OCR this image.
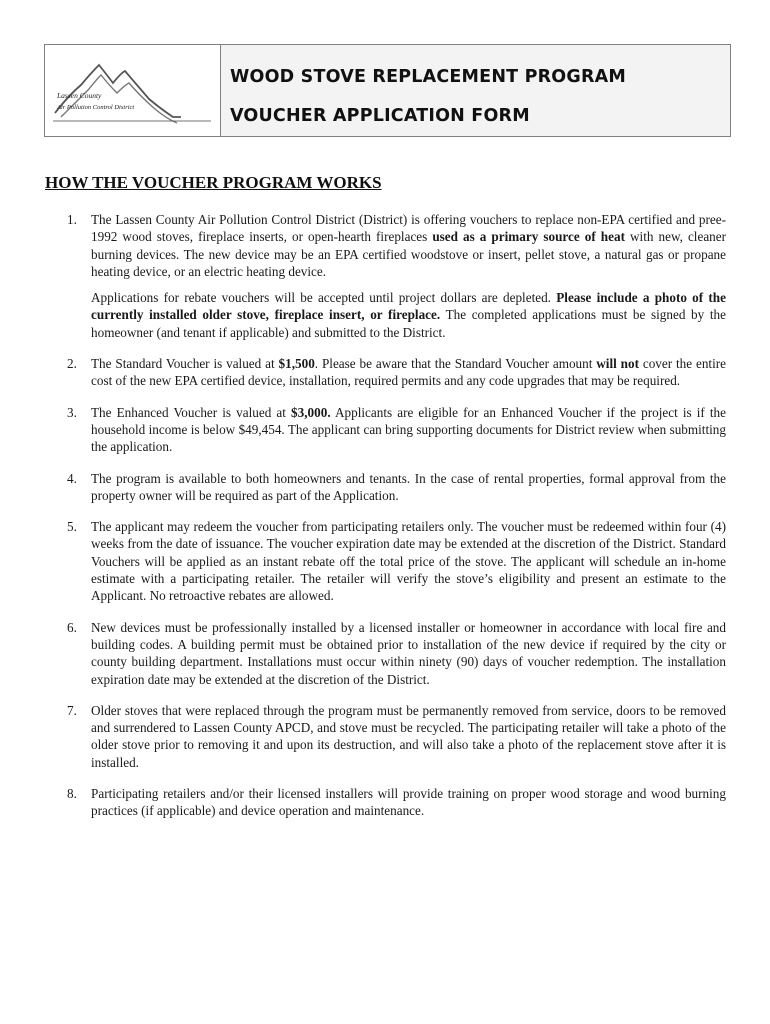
Lassen County
Air Pollution Control District
WOOD STOVE REPLACEMENT PROGRAM
VOUCHER APPLICATION FORM
HOW THE VOUCHER PROGRAM WORKS
1. The Lassen County Air Pollution Control District (District) is offering vouchers to replace non-EPA certified and pree-1992 wood stoves, fireplace inserts, or open-hearth fireplaces used as a primary source of heat with new, cleaner burning devices. The new device may be an EPA certified woodstove or insert, pellet stove, a natural gas or propane heating device, or an electric heating device.

Applications for rebate vouchers will be accepted until project dollars are depleted. Please include a photo of the currently installed older stove, fireplace insert, or fireplace. The completed applications must be signed by the homeowner (and tenant if applicable) and submitted to the District.

2. The Standard Voucher is valued at $1,500. Please be aware that the Standard Voucher amount will not cover the entire cost of the new EPA certified device, installation, required permits and any code upgrades that may be required.

3. The Enhanced Voucher is valued at $3,000. Applicants are eligible for an Enhanced Voucher if the project is if the household income is below $49,454. The applicant can bring supporting documents for District review when submitting the application.

4. The program is available to both homeowners and tenants. In the case of rental properties, formal approval from the property owner will be required as part of the Application.

5. The applicant may redeem the voucher from participating retailers only. The voucher must be redeemed within four (4) weeks from the date of issuance. The voucher expiration date may be extended at the discretion of the District. Standard Vouchers will be applied as an instant rebate off the total price of the stove. The applicant will schedule an in-home estimate with a participating retailer. The retailer will verify the stove’s eligibility and present an estimate to the Applicant. No retroactive rebates are allowed.

6. New devices must be professionally installed by a licensed installer or homeowner in accordance with local fire and building codes. A building permit must be obtained prior to installation of the new device if required by the city or county building department. Installations must occur within ninety (90) days of voucher redemption. The installation expiration date may be extended at the discretion of the District.

7. Older stoves that were replaced through the program must be permanently removed from service, doors to be removed and surrendered to Lassen County APCD, and stove must be recycled. The participating retailer will take a photo of the older stove prior to removing it and upon its destruction, and will also take a photo of the replacement stove after it is installed.

8. Participating retailers and/or their licensed installers will provide training on proper wood storage and wood burning practices (if applicable) and device operation and maintenance.
